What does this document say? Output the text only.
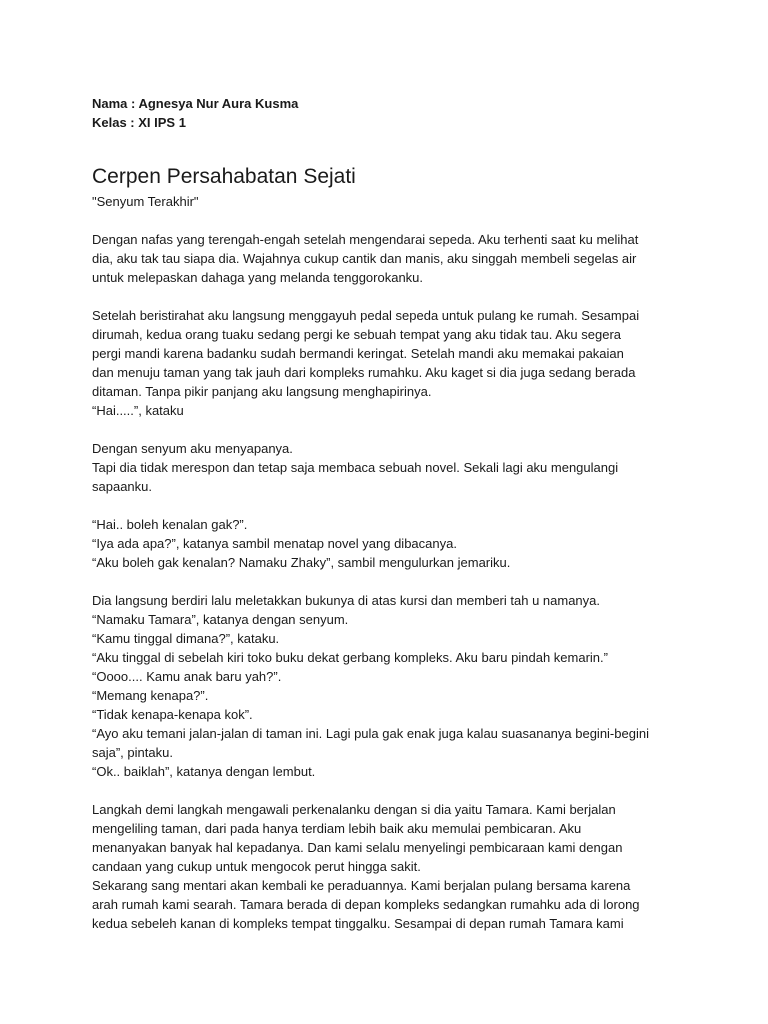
Nama : Agnesya Nur Aura Kusma

Kelas : XI IPS 1

Cerpen Persahabatan Sejati

"Senyum Terakhir"

Dengan nafas yang terengah-engah setelah mengendarai sepeda. Aku terhenti saat ku melihat
dia, aku tak tau siapa dia. Wajahnya cukup cantik dan manis, aku singgah membeli segelas air
untuk melepaskan dahaga yang melanda tenggorokanku.

Setelah beristirahat aku langsung menggayuh pedal sepeda untuk pulang ke rumah. Sesampai
dirumah, kedua orang tuaku sedang pergi ke sebuah tempat yang aku tidak tau. Aku segera
pergi mandi karena badanku sudah bermandi keringat. Setelah mandi aku memakai pakaian
dan menuju taman yang tak jauh dari kompleks rumahku. Aku kaget si dia juga sedang berada
ditaman. Tanpa pikir panjang aku langsung menghapirinya.
“Hai.....”, kataku

Dengan senyum aku menyapanya.
Tapi dia tidak merespon dan tetap saja membaca sebuah novel. Sekali lagi aku mengulangi
sapaanku.

“Hai.. boleh kenalan gak?”.
“Iya ada apa?”, katanya sambil menatap novel yang dibacanya.
“Aku boleh gak kenalan? Namaku Zhaky”, sambil mengulurkan jemariku.

Dia langsung berdiri lalu meletakkan bukunya di atas kursi dan memberi tah u namanya.
“Namaku Tamara”, katanya dengan senyum.
“Kamu tinggal dimana?”, kataku.
“Aku tinggal di sebelah kiri toko buku dekat gerbang kompleks. Aku baru pindah kemarin.”
“Oooo.... Kamu anak baru yah?”.
“Memang kenapa?”.
“Tidak kenapa-kenapa kok”.
“Ayo aku temani jalan-jalan di taman ini. Lagi pula gak enak juga kalau suasananya begini-begini
saja”, pintaku.
“Ok.. baiklah”, katanya dengan lembut.

Langkah demi langkah mengawali perkenalanku dengan si dia yaitu Tamara. Kami berjalan
mengeliling taman, dari pada hanya terdiam lebih baik aku memulai pembicaran. Aku
menanyakan banyak hal kepadanya. Dan kami selalu menyelingi pembicaraan kami dengan
candaan yang cukup untuk mengocok perut hingga sakit.
Sekarang sang mentari akan kembali ke peraduannya. Kami berjalan pulang bersama karena
arah rumah kami searah. Tamara berada di depan kompleks sedangkan rumahku ada di lorong
kedua sebeleh kanan di kompleks tempat tinggalku. Sesampai di depan rumah Tamara kami
